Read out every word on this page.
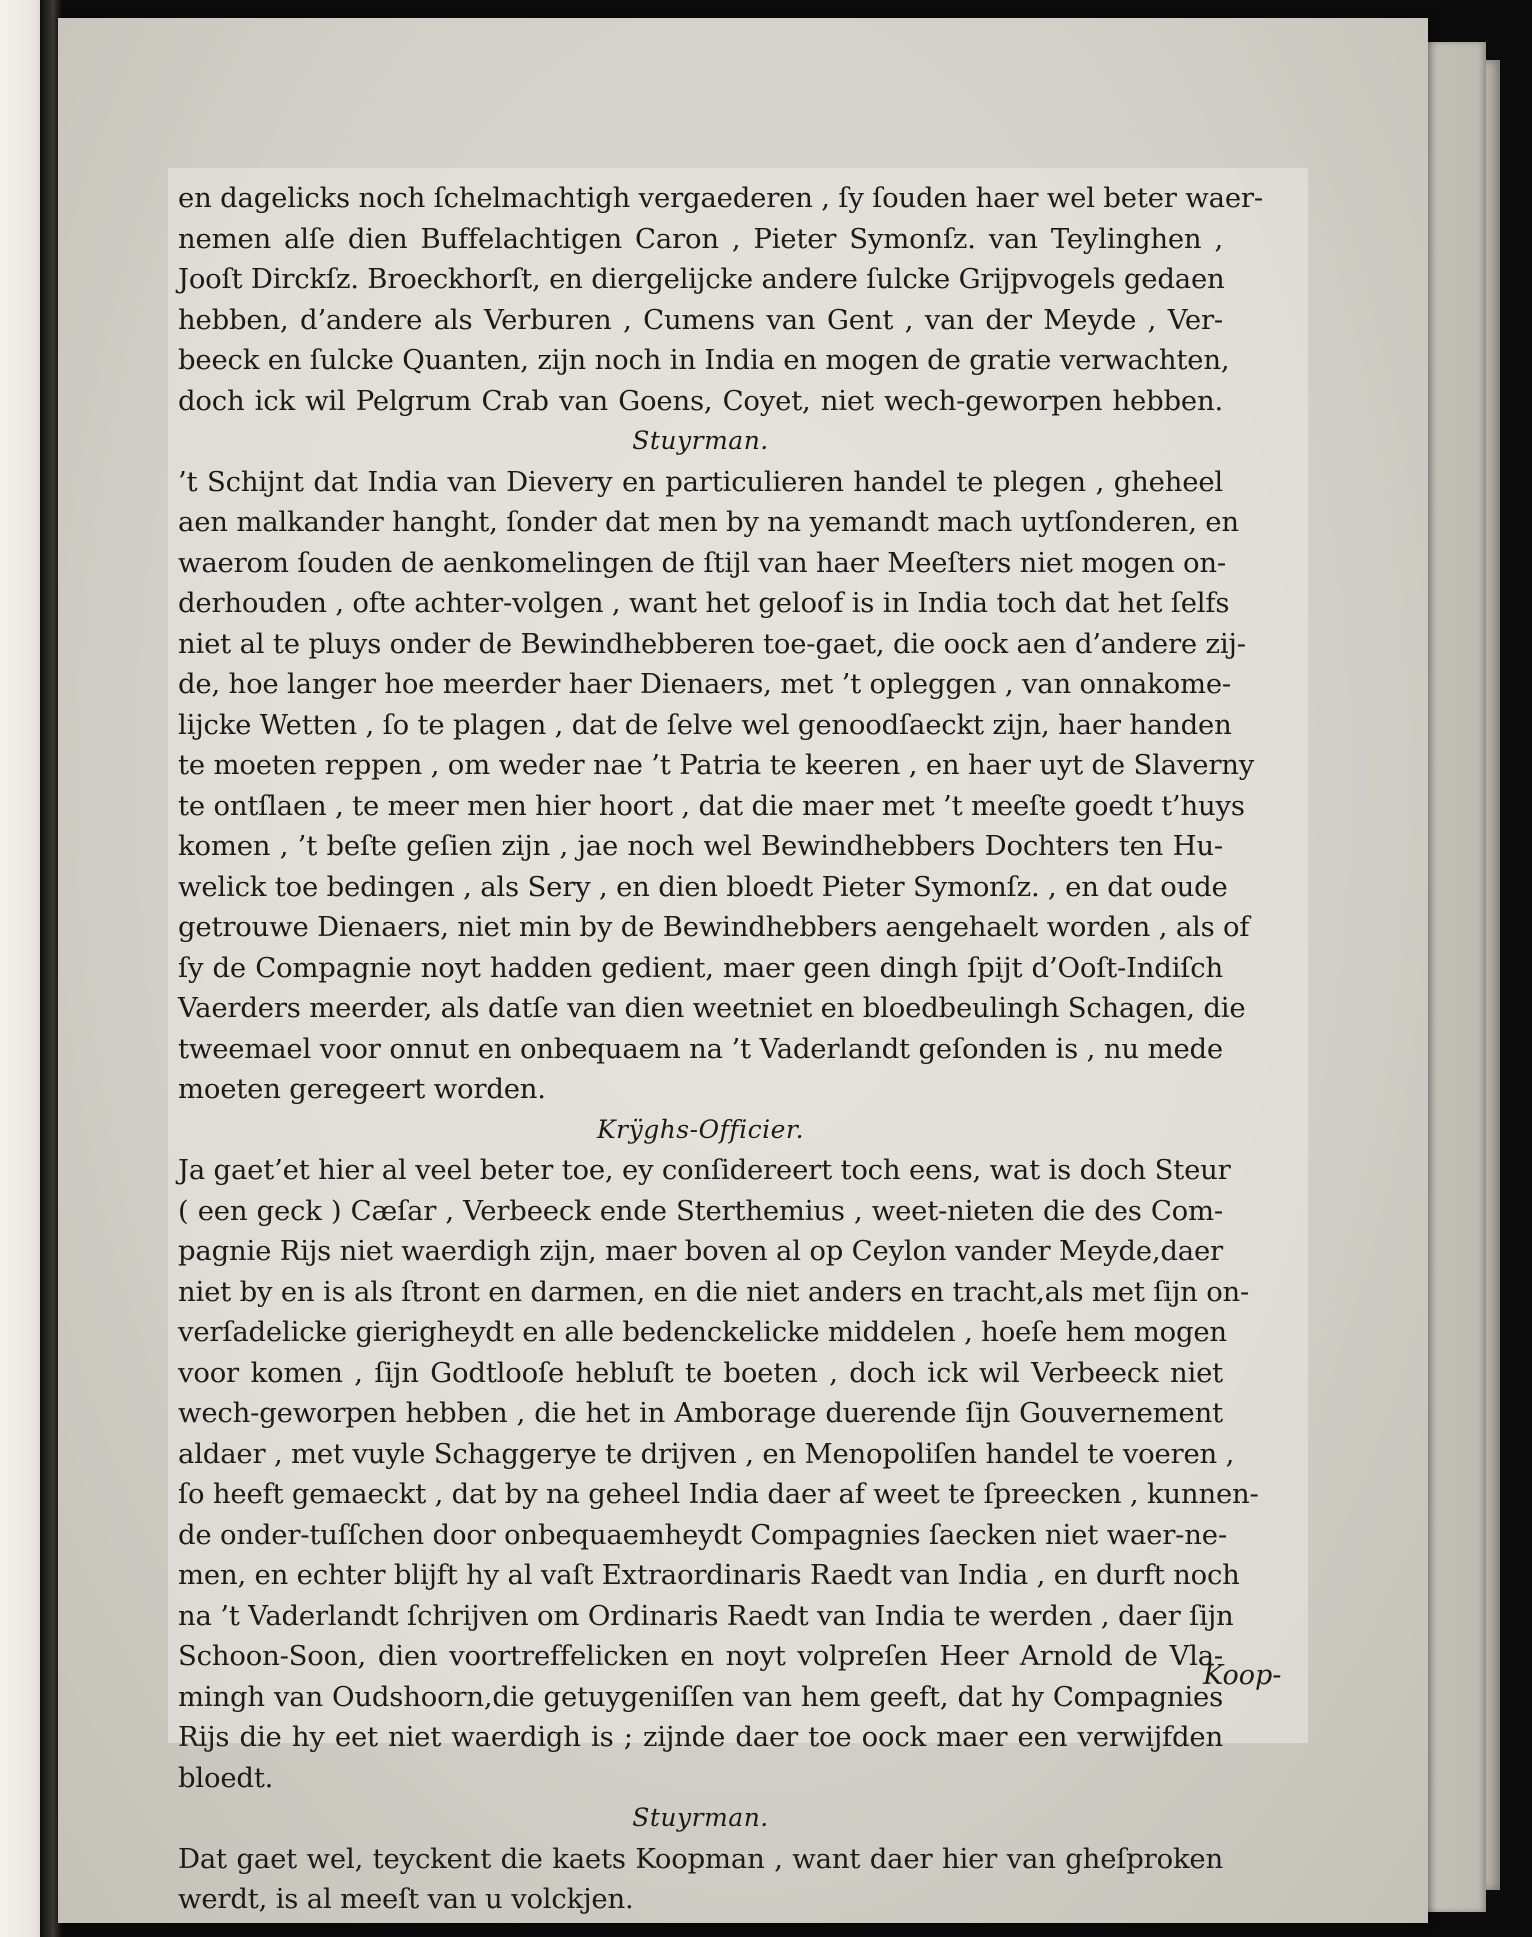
en dagelicks noch ſchelmachtigh vergaederen , ſy ſouden haer wel beter waer-
nemen alſe dien Buffelachtigen Caron , Pieter Symonſz. van Teylinghen ,
Jooſt Dirckſz. Broeckhorſt, en diergelijcke andere ſulcke Grijpvogels gedaen
hebben, d’andere als Verburen , Cumens van Gent , van der Meyde , Ver-
beeck en ſulcke Quanten, zijn noch in India en mogen de gratie verwachten,
doch ick wil Pelgrum Crab van Goens, Coyet, niet wech-geworpen hebben.
Stuyrman.
’t Schijnt dat India van Dievery en particulieren handel te plegen , gheheel
aen malkander hanght, ſonder dat men by na yemandt mach uytſonderen, en
waerom ſouden de aenkomelingen de ſtijl van haer Meeſters niet mogen on-
derhouden , ofte achter-volgen , want het geloof is in India toch dat het ſelfs
niet al te pluys onder de Bewindhebberen toe-gaet, die oock aen d’andere zij-
de, hoe langer hoe meerder haer Dienaers, met ’t opleggen , van onnakome-
lijcke Wetten , ſo te plagen , dat de ſelve wel genoodſaeckt zijn, haer handen
te moeten reppen , om weder nae ’t Patria te keeren , en haer uyt de Slaverny
te ontſlaen , te meer men hier hoort , dat die maer met ’t meeſte goedt t’huys
komen , ’t beſte geſien zijn , jae noch wel Bewindhebbers Dochters ten Hu-
welick toe bedingen , als Sery , en dien bloedt Pieter Symonſz. , en dat oude
getrouwe Dienaers, niet min by de Bewindhebbers aengehaelt worden , als of
ſy de Compagnie noyt hadden gedient, maer geen dingh ſpijt d’Ooſt-Indiſch
Vaerders meerder, als datſe van dien weetniet en bloedbeulingh Schagen, die
tweemael voor onnut en onbequaem na ’t Vaderlandt geſonden is , nu mede
moeten geregeert worden.
Krÿghs-Officier.
Ja gaet’et hier al veel beter toe, ey conſidereert toch eens, wat is doch Steur
( een geck ) Cæſar , Verbeeck ende Sterthemius , weet-nieten die des Com-
pagnie Rijs niet waerdigh zijn, maer boven al op Ceylon vander Meyde,daer
niet by en is als ſtront en darmen, en die niet anders en tracht,als met ſijn on-
verſadelicke gierigheydt en alle bedenckelicke middelen , hoeſe hem mogen
voor komen , ſijn Godtlooſe hebluſt te boeten , doch ick wil Verbeeck niet
wech-geworpen hebben , die het in Amborage duerende ſijn Gouvernement
aldaer , met vuyle Schaggerye te drijven , en Menopoliſen handel te voeren ,
ſo heeft gemaeckt , dat by na geheel India daer af weet te ſpreecken , kunnen-
de onder-tuſſchen door onbequaemheydt Compagnies ſaecken niet waer-ne-
men, en echter blijft hy al vaſt Extraordinaris Raedt van India , en durft noch
na ’t Vaderlandt ſchrijven om Ordinaris Raedt van India te werden , daer ſijn
Schoon-Soon, dien voortreffelicken en noyt volpreſen Heer Arnold de Vla-
mingh van Oudshoorn,die getuygeniſſen van hem geeft, dat hy Compagnies
Rijs die hy eet niet waerdigh is ; zijnde daer toe oock maer een verwijfden
bloedt.
Stuyrman.
Dat gaet wel, teyckent die kaets Koopman , want daer hier van gheſproken
werdt, is al meeſt van u volckjen.
Koop-
